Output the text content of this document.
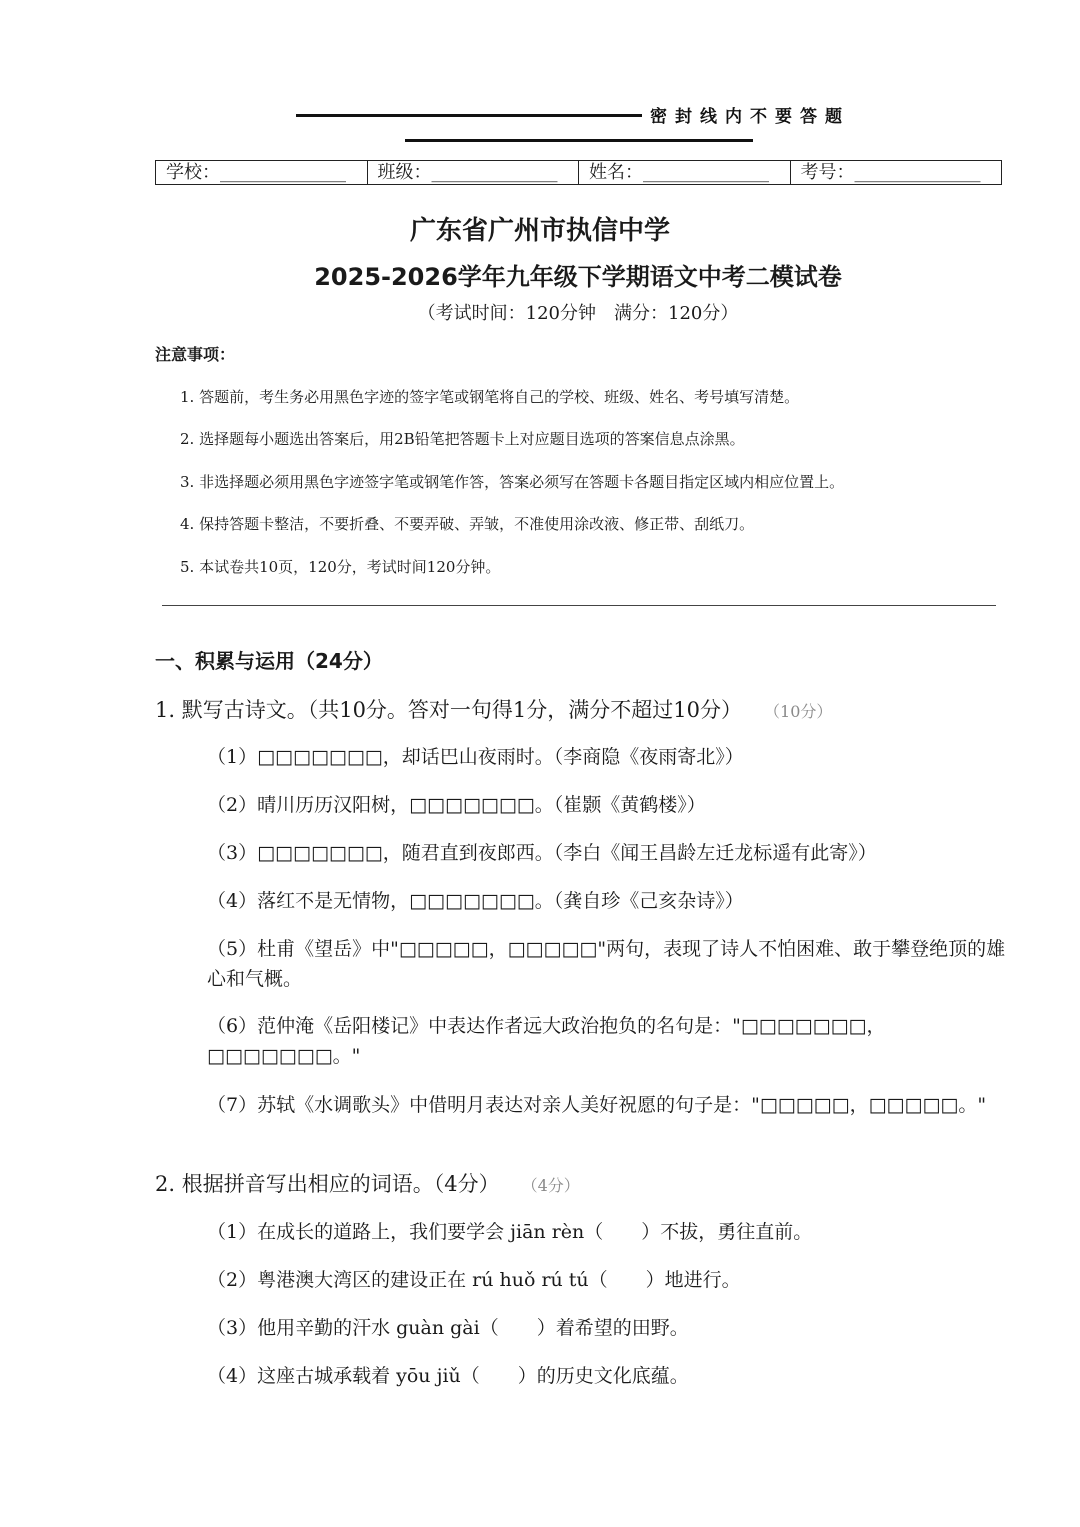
密封线内不要答题
学校：______________	班级：______________	姓名：______________	考号：______________
广东省广州市执信中学
2025-2026学年九年级下学期语文中考二模试卷
（考试时间：120分钟　满分：120分）
注意事项：
1. 答题前，考生务必用黑色字迹的签字笔或钢笔将自己的学校、班级、姓名、考号填写清楚。
2. 选择题每小题选出答案后，用2B铅笔把答题卡上对应题目选项的答案信息点涂黑。
3. 非选择题必须用黑色字迹签字笔或钢笔作答，答案必须写在答题卡各题目指定区域内相应位置上。
4. 保持答题卡整洁，不要折叠、不要弄破、弄皱，不准使用涂改液、修正带、刮纸刀。
5. 本试卷共10页，120分，考试时间120分钟。
一、积累与运用（24分）
1. 默写古诗文。（共10分。答对一句得1分，满分不超过10分） （10分）
（1）□□□□□□□，却话巴山夜雨时。（李商隐《夜雨寄北》）
（2）晴川历历汉阳树，□□□□□□□。（崔颢《黄鹤楼》）
（3）□□□□□□□，随君直到夜郎西。（李白《闻王昌龄左迁龙标遥有此寄》）
（4）落红不是无情物，□□□□□□□。（龚自珍《己亥杂诗》）
（5）杜甫《望岳》中"□□□□□，□□□□□"两句，表现了诗人不怕困难、敢于攀登绝顶的雄心和气概。
（6）范仲淹《岳阳楼记》中表达作者远大政治抱负的名句是："□□□□□□□，□□□□□□□。"
（7）苏轼《水调歌头》中借明月表达对亲人美好祝愿的句子是："□□□□□，□□□□□。"
2. 根据拼音写出相应的词语。（4分） （4分）
（1）在成长的道路上，我们要学会 jiān rèn（　　）不拔，勇往直前。
（2）粤港澳大湾区的建设正在 rú huǒ rú tú（　　）地进行。
（3）他用辛勤的汗水 guàn gài（　　）着希望的田野。
（4）这座古城承载着 yōu jiǔ（　　）的历史文化底蕴。
